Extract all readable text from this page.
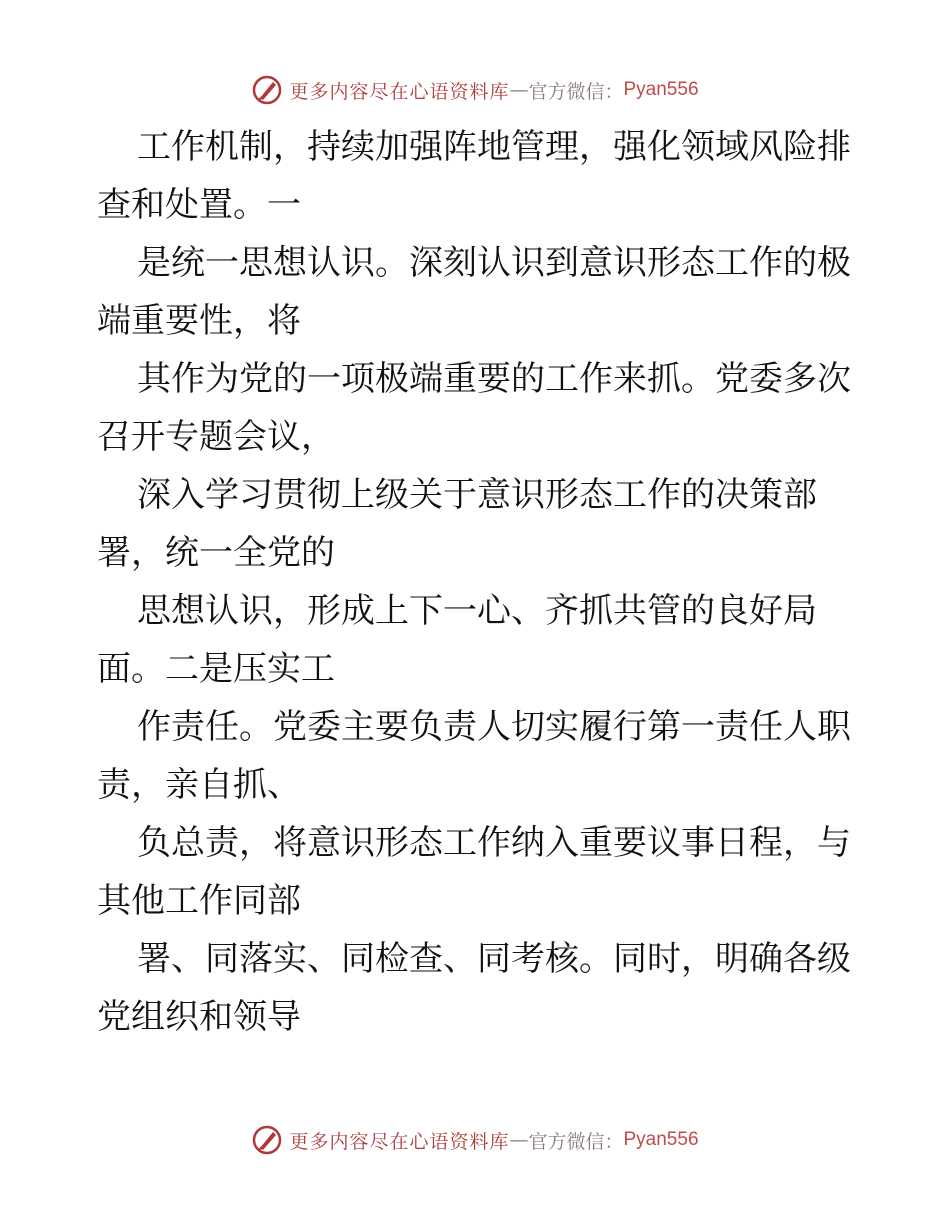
更多内容尽在心语资料库 — 官方微信： Pyan556

工作机制，持续加强阵地管理，强化领域风险排查和处置。一

是统一思想认识。深刻认识到意识形态工作的极端重要性，将

其作为党的一项极端重要的工作来抓。党委多次召开专题会议，

深入学习贯彻上级关于意识形态工作的决策部署，统一全党的

思想认识，形成上下一心、齐抓共管的良好局面。二是压实工

作责任。党委主要负责人切实履行第一责任人职责，亲自抓、

负总责，将意识形态工作纳入重要议事日程，与其他工作同部

署、同落实、同检查、同考核。同时，明确各级党组织和领导

更多内容尽在心语资料库 — 官方微信： Pyan556
